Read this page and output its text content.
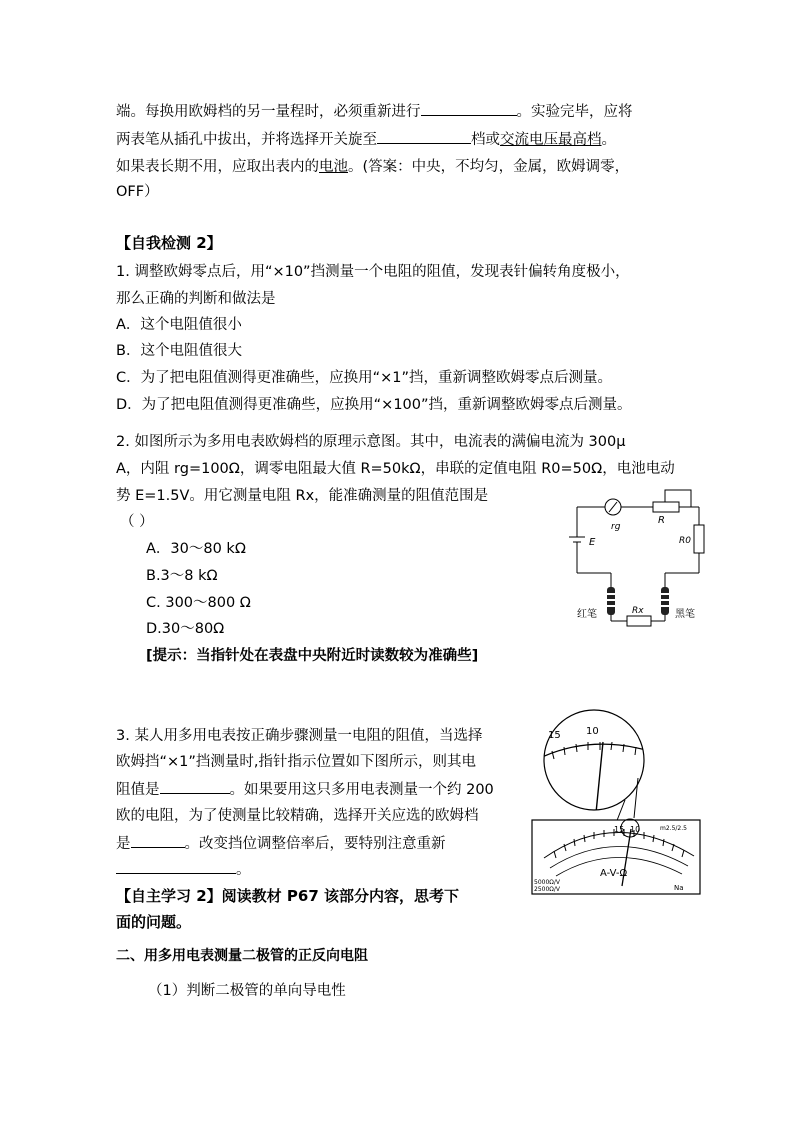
端。每换用欧姆档的另一量程时，必须重新进行	。实验完毕，应将
两表笔从插孔中拔出，并将选择开关旋至	档或交流电压最高档。
如果表长期不用，应取出表内的电池。(答案：中央，不均匀，金属，欧姆调零，
OFF）
【自我检测 2】
1. 调整欧姆零点后，用“×10”挡测量一个电阻的阻值，发现表针偏转角度极小，
那么正确的判断和做法是
A．这个电阻值很小
B．这个电阻值很大
C．为了把电阻值测得更准确些，应换用“×1”挡，重新调整欧姆零点后测量。
D．为了把电阻值测得更准确些，应换用“×100”挡，重新调整欧姆零点后测量。
2. 如图所示为多用电表欧姆档的原理示意图。其中，电流表的满偏电流为 300μ
A，内阻 rg=100Ω，调零电阻最大值 R=50kΩ，串联的定值电阻 R0=50Ω，电池电动
势 E=1.5V。用它测量电阻 Rx，能准确测量的阻值范围是
（ ）
A．30～80 kΩ
B.3～8 kΩ
C. 300～800 Ω
D.30～80Ω
[提示：当指针处在表盘中央附近时读数较为准确些]
rg
R
R0
E
红笔	黑笔
Rx
3. 某人用多用电表按正确步骤测量一电阻的阻值，当选择
欧姆挡“×1”挡测量时,指针指示位置如下图所示，则其电
阻值是	。如果要用这只多用电表测量一个约 200
欧的电阻，为了使测量比较精确，选择开关应选的欧姆档
是	。改变挡位调整倍率后，要特别注意重新
。
15	10
15 10	m2.5/2.5
A-V-Ω
Na
5000Ω/V
2500Ω/V
【自主学习 2】阅读教材 P67 该部分内容，思考下
面的问题。
二、用多用电表测量二极管的正反向电阻
（1）判断二极管的单向导电性
